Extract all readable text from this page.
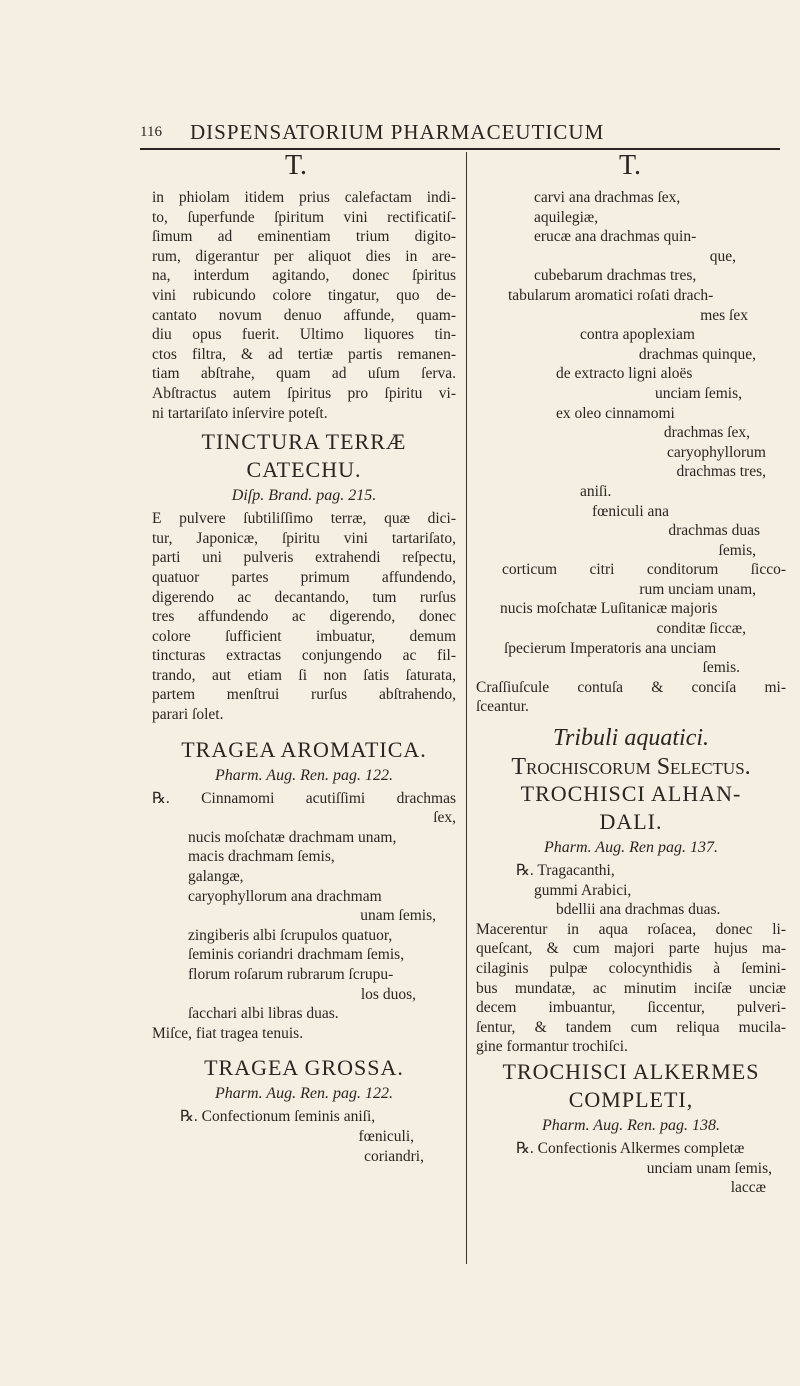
116 DISPENSATORIUM PHARMACEUTICUM
T.	T.
in phiolam itidem prius calefactam indi-
to, ſuperfunde ſpiritum vini rectificatiſ-
ſimum ad eminentiam trium digito-
rum, digerantur per aliquot dies in are-
na, interdum agitando, donec ſpiritus
vini rubicundo colore tingatur, quo de-
cantato novum denuo affunde, quam-
diu opus fuerit. Ultimo liquores tin-
ctos filtra, & ad tertiæ partis remanen-
tiam abſtrahe, quam ad uſum ſerva.
Abſtractus autem ſpiritus pro ſpiritu vi-
ni tartariſato inſervire poteſt.
TINCTURA TERRÆ
CATECHU.
Diſp. Brand. pag. 215.
E pulvere ſubtiliſſimo terræ, quæ dici-
tur, Japonicæ, ſpiritu vini tartariſato,
parti uni pulveris extrahendi reſpectu,
quatuor partes primum affundendo,
digerendo ac decantando, tum rurſus
tres affundendo ac digerendo, donec
colore ſufficient imbuatur, demum
tincturas extractas conjungendo ac fil-
trando, aut etiam ſi non ſatis ſaturata,
partem menſtrui rurſus abſtrahendo,
parari ſolet.
TRAGEA AROMATICA.
Pharm. Aug. Ren. pag. 122.
℞. Cinnamomi acutiſſimi drachmas
ſex,
nucis moſchatæ drachmam unam,
macis drachmam ſemis,
galangæ,
caryophyllorum ana drachmam
unam ſemis,
zingiberis albi ſcrupulos quatuor,
ſeminis coriandri drachmam ſemis,
florum roſarum rubrarum ſcrupu-
los duos,
ſacchari albi libras duas.
Miſce, fiat tragea tenuis.
TRAGEA GROSSA.
Pharm. Aug. Ren. pag. 122.
℞. Confectionum ſeminis aniſi,
fœniculi,
coriandri,
carvi ana drachmas ſex,
aquilegiæ,
erucæ ana drachmas quin-
que,
cubebarum drachmas tres,
tabularum aromatici roſati drach-
mes ſex
contra apoplexiam
drachmas quinque,
de extracto ligni aloës
unciam ſemis,
ex oleo cinnamomi
drachmas ſex,
caryophyllorum
drachmas tres,
aniſi.
fœniculi ana
drachmas duas
ſemis,
corticum citri conditorum ſicco-
rum unciam unam,
nucis moſchatæ Luſitanicæ majoris
conditæ ſiccæ,
ſpecierum Imperatoris ana unciam
ſemis.
Craſſiuſcule contuſa & conciſa mi-
ſceantur.
Tribuli aquatici.
Trochiscorum Selectus.
TROCHISCI ALHAN-
DALI.
Pharm. Aug. Ren pag. 137.
℞. Tragacanthi,
gummi Arabici,
bdellii ana drachmas duas.
Macerentur in aqua roſacea, donec li-
queſcant, & cum majori parte hujus ma-
cilaginis pulpæ colocynthidis à ſemini-
bus mundatæ, ac minutim inciſæ unciæ
decem imbuantur, ſiccentur, pulveri-
ſentur, & tandem cum reliqua mucila-
gine formantur trochiſci.
TROCHISCI ALKERMES
COMPLETI,
Pharm. Aug. Ren. pag. 138.
℞. Confectionis Alkermes completæ
unciam unam ſemis,
laccæ
